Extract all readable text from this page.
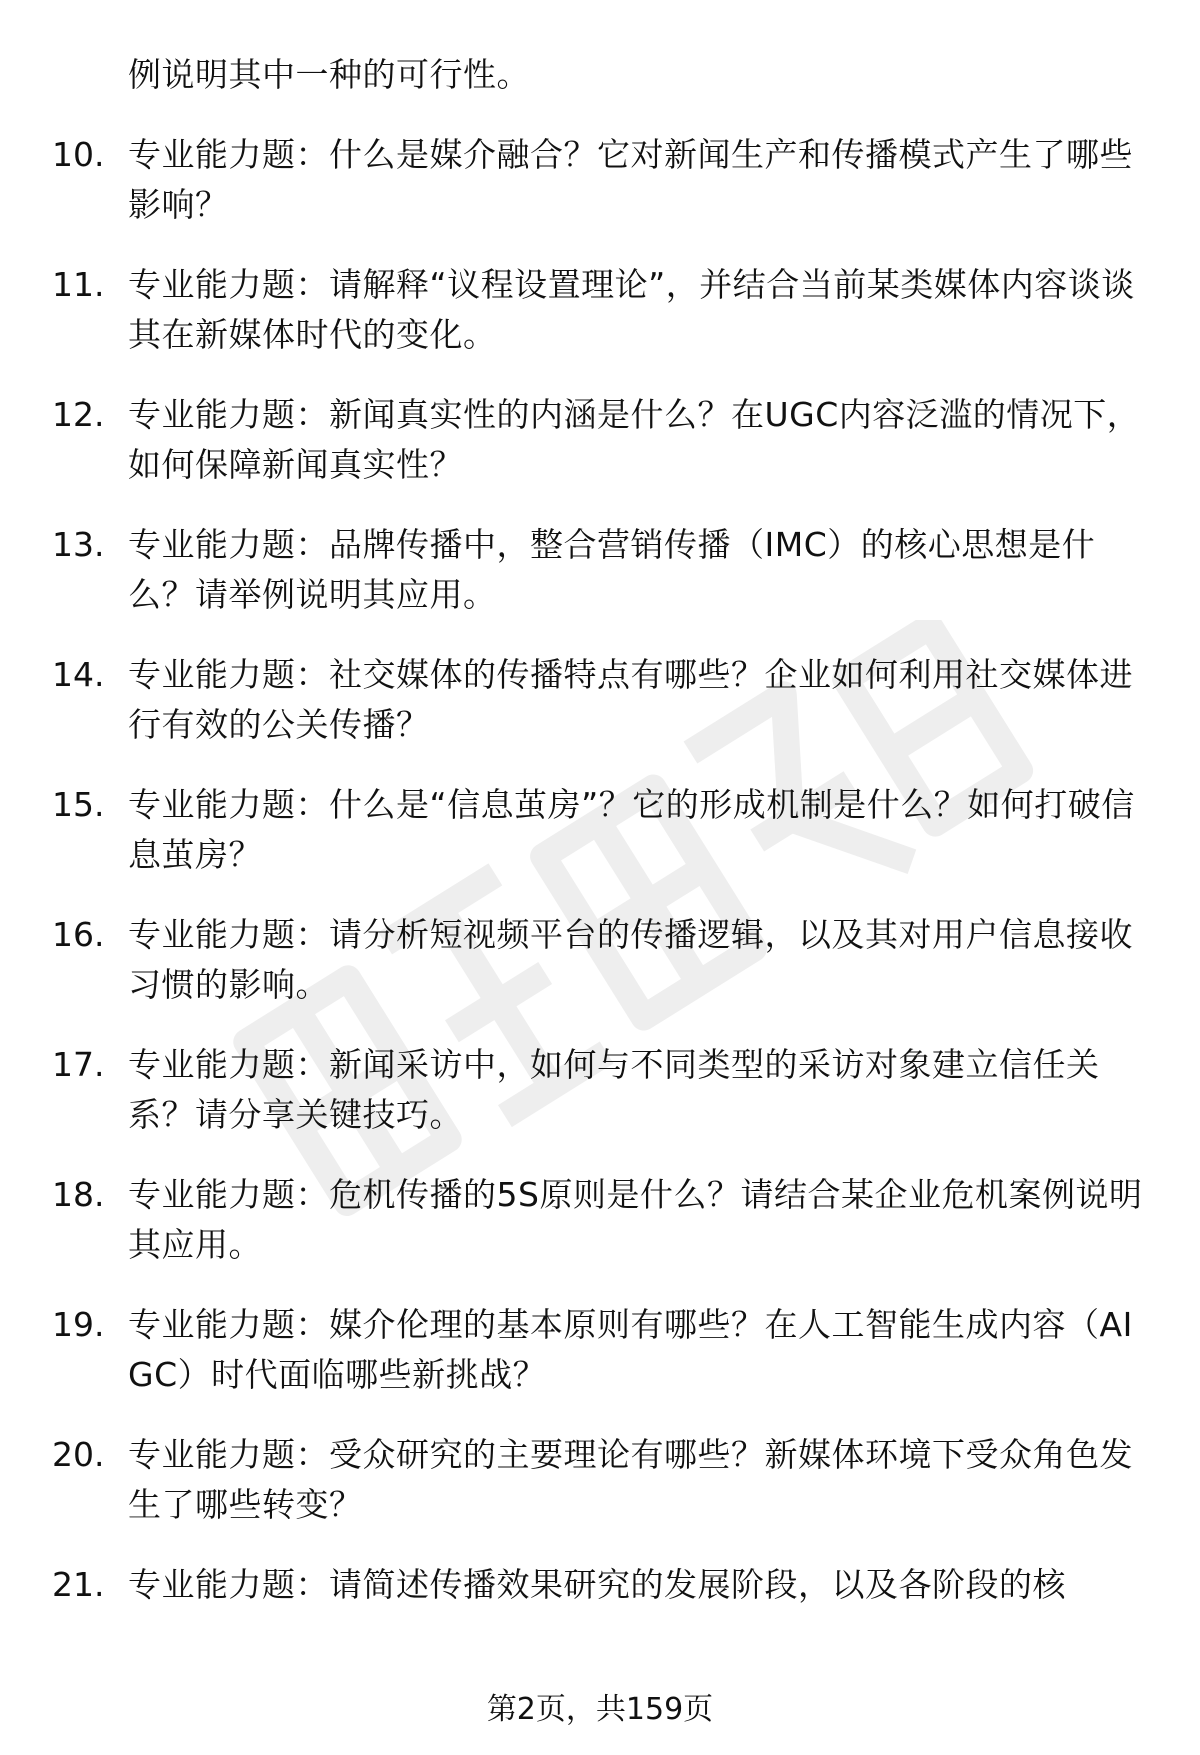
例说明其中一种的可行性。
10. 专业能力题：什么是媒介融合？它对新闻生产和传播模式产生了哪些影响？
11. 专业能力题：请解释“议程设置理论”，并结合当前某类媒体内容谈谈其在新媒体时代的变化。
12. 专业能力题：新闻真实性的内涵是什么？在UGC内容泛滥的情况下，如何保障新闻真实性？
13. 专业能力题：品牌传播中，整合营销传播（IMC）的核心思想是什么？请举例说明其应用。
14. 专业能力题：社交媒体的传播特点有哪些？企业如何利用社交媒体进行有效的公关传播？
15. 专业能力题：什么是“信息茧房”？它的形成机制是什么？如何打破信息茧房？
16. 专业能力题：请分析短视频平台的传播逻辑，以及其对用户信息接收习惯的影响。
17. 专业能力题：新闻采访中，如何与不同类型的采访对象建立信任关系？请分享关键技巧。
18. 专业能力题：危机传播的5S原则是什么？请结合某企业危机案例说明其应用。
19. 专业能力题：媒介伦理的基本原则有哪些？在人工智能生成内容（AIGC）时代面临哪些新挑战？
20. 专业能力题：受众研究的主要理论有哪些？新媒体环境下受众角色发生了哪些转变？
21. 专业能力题：请简述传播效果研究的发展阶段，以及各阶段的核
第2页，共159页
